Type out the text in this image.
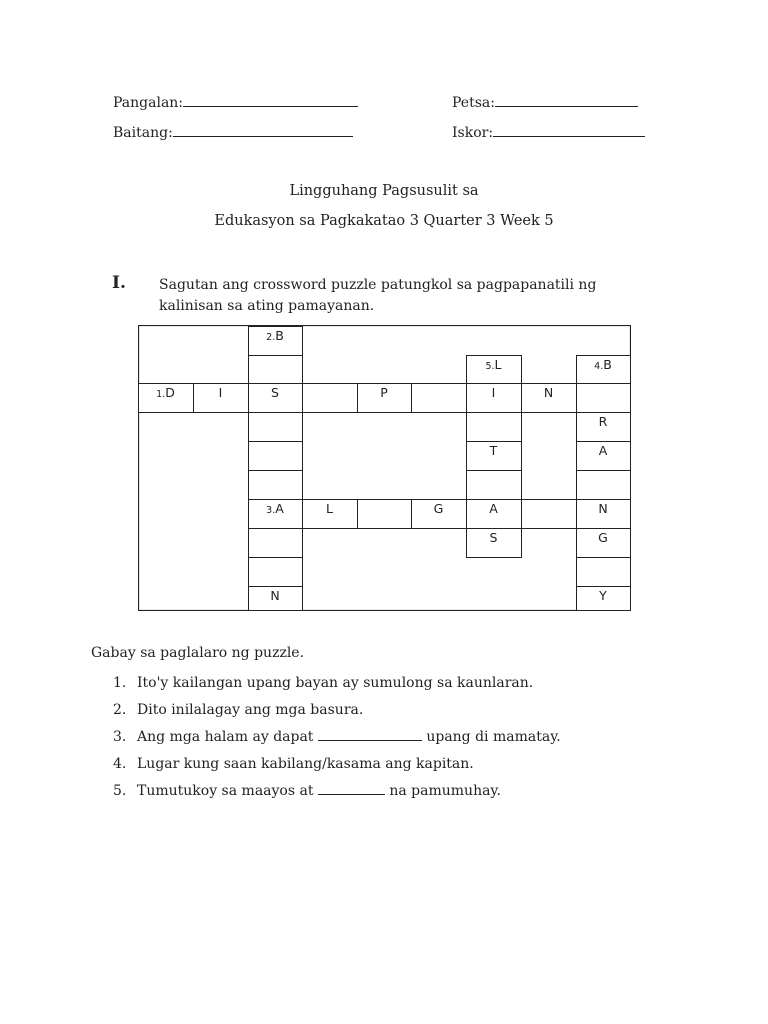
Pangalan:	Petsa:
Baitang:	Iskor:
Lingguhang Pagsusulit sa
Edukasyon sa Pagkakatao 3 Quarter 3 Week 5
I. Sagutan ang crossword puzzle patungkol sa pagpapanatili ng
kalinisan sa ating pamayanan.
2.B
5.L	4.B
1.D	I	S	P	I	N
R
T	A
3.A	L	G	A	N
S	G
N	Y
Gabay sa paglalaro ng puzzle.
1. Ito'y kailangan upang bayan ay sumulong sa kaunlaran.
2. Dito inilalagay ang mga basura.
3. Ang mga halam ay dapat	upang di mamatay.
4. Lugar kung saan kabilang/kasama ang kapitan.
5. Tumutukoy sa maayos at	na pamumuhay.
